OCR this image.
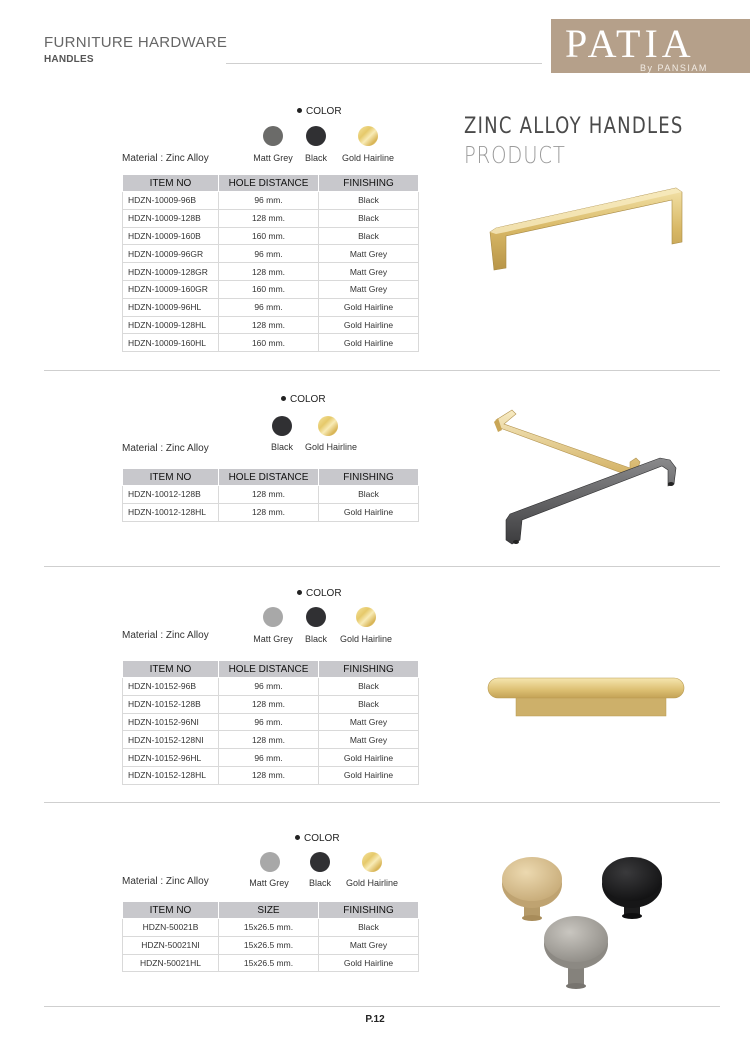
FURNITURE HARDWARE
HANDLES	PATIA
By PANSIAM
ZINC ALLOY HANDLES
PRODUCT
COLOR
Matt Grey	Black	Gold Hairline
Material : Zinc Alloy
ITEM NO	HOLE DISTANCE	FINISHING
HDZN-10009-96B	96 mm.	Black
HDZN-10009-128B	128 mm.	Black
HDZN-10009-160B	160 mm.	Black
HDZN-10009-96GR	96 mm.	Matt Grey
HDZN-10009-128GR	128 mm.	Matt Grey
HDZN-10009-160GR	160 mm.	Matt Grey
HDZN-10009-96HL	96 mm.	Gold Hairline
HDZN-10009-128HL	128 mm.	Gold Hairline
HDZN-10009-160HL	160 mm.	Gold Hairline
COLOR
Black	Gold Hairline
Material : Zinc Alloy
ITEM NO	HOLE DISTANCE	FINISHING
HDZN-10012-128B	128 mm.	Black
HDZN-10012-128HL	128 mm.	Gold Hairline
COLOR
Matt Grey	Black	Gold Hairline
Material : Zinc Alloy
ITEM NO	HOLE DISTANCE	FINISHING
HDZN-10152-96B	96 mm.	Black
HDZN-10152-128B	128 mm.	Black
HDZN-10152-96NI	96 mm.	Matt Grey
HDZN-10152-128NI	128 mm.	Matt Grey
HDZN-10152-96HL	96 mm.	Gold Hairline
HDZN-10152-128HL	128 mm.	Gold Hairline
COLOR
Matt Grey	Black	Gold Hairline
Material : Zinc Alloy
ITEM NO	SIZE	FINISHING
HDZN-50021B	15x26.5 mm.	Black
HDZN-50021NI	15x26.5 mm.	Matt Grey
HDZN-50021HL	15x26.5 mm.	Gold Hairline
P.12
